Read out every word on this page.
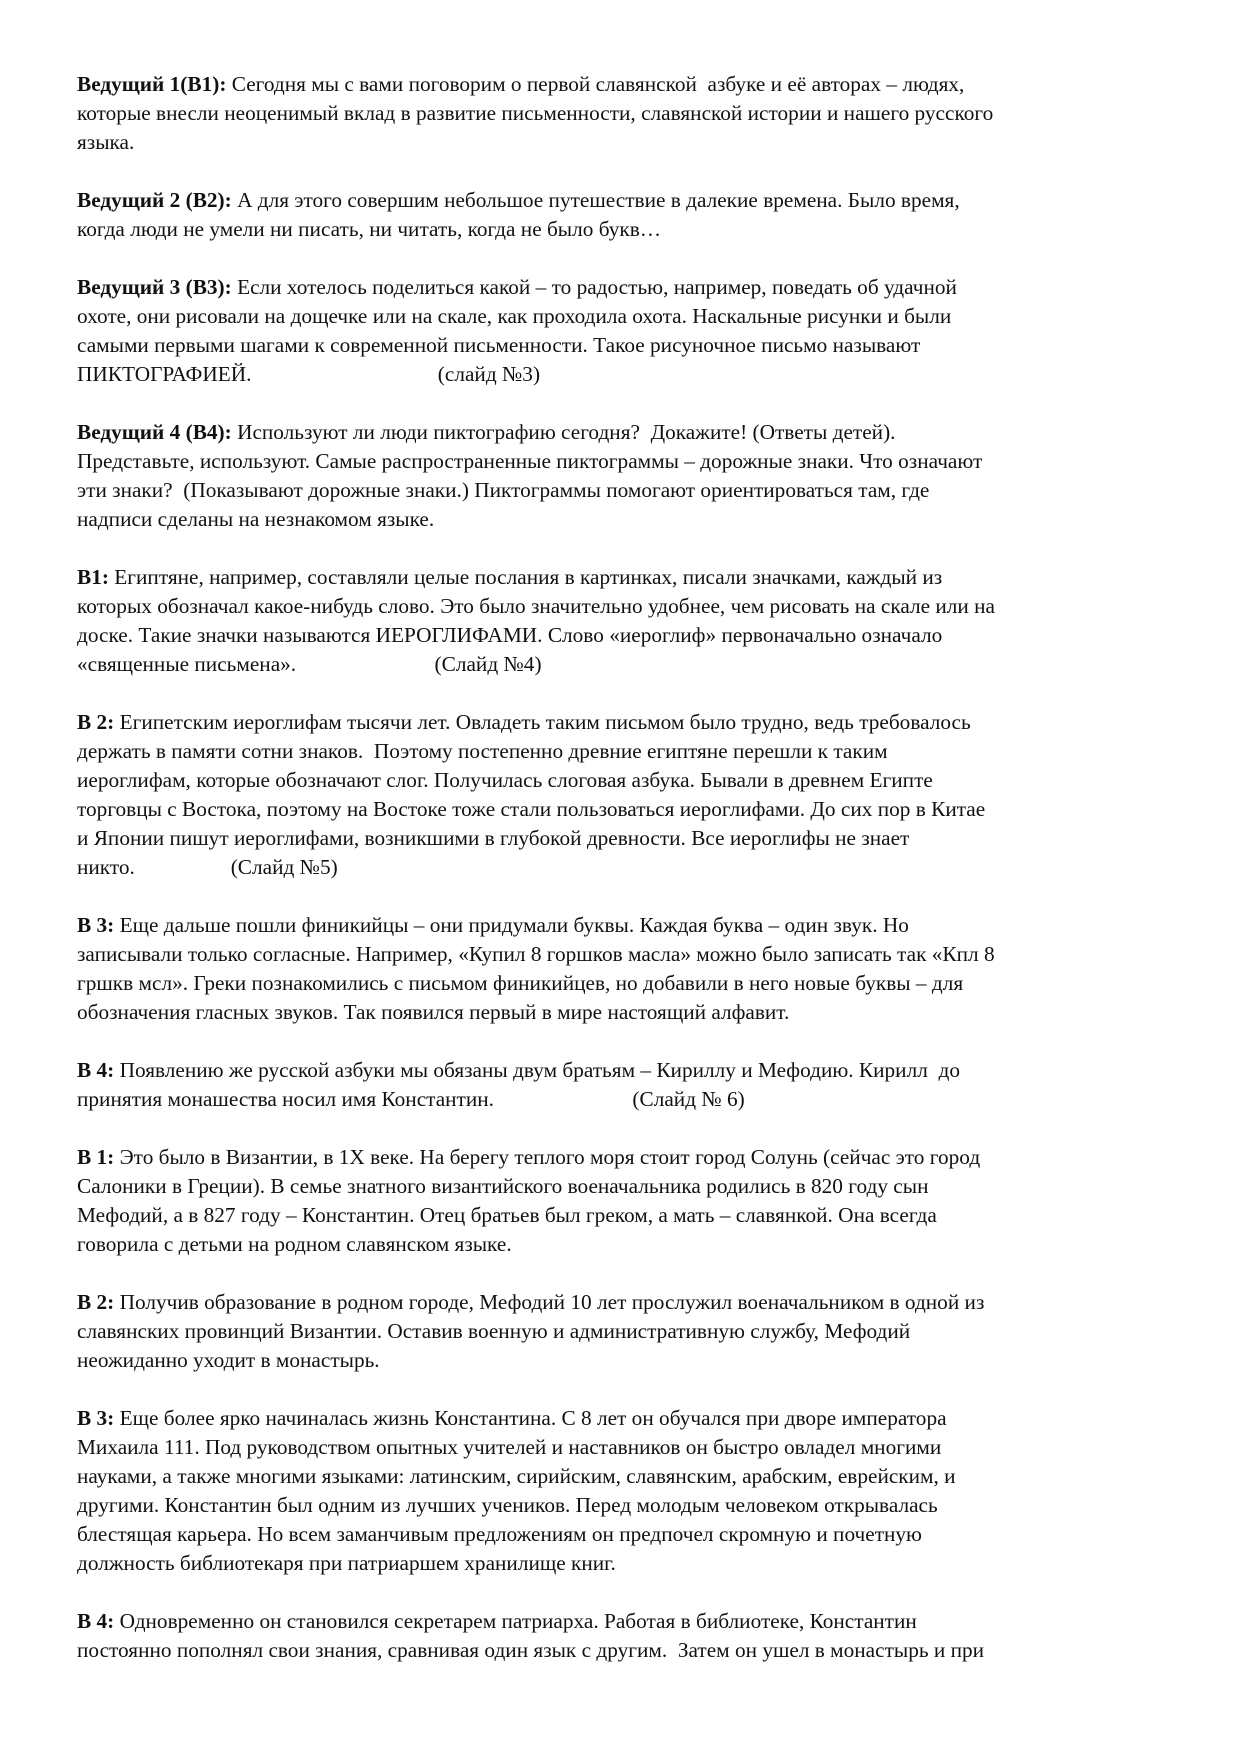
Ведущий 1(В1): Сегодня мы с вами поговорим о первой славянской  азбуке и её авторах – людях,
которые внесли неоценимый вклад в развитие письменности, славянской истории и нашего русского
языка.
Ведущий 2 (В2): А для этого совершим небольшое путешествие в далекие времена. Было время,
когда люди не умели ни писать, ни читать, когда не было букв…
Ведущий 3 (В3): Если хотелось поделиться какой – то радостью, например, поведать об удачной
охоте, они рисовали на дощечке или на скале, как проходила охота. Наскальные рисунки и были
самыми первыми шагами к современной письменности. Такое рисуночное письмо называют
ПИКТОГРАФИЕЙ.                                   (слайд №3)
Ведущий 4 (В4): Используют ли люди пиктографию сегодня?  Докажите! (Ответы детей).
Представьте, используют. Самые распространенные пиктограммы – дорожные знаки. Что означают
эти знаки?  (Показывают дорожные знаки.) Пиктограммы помогают ориентироваться там, где
надписи сделаны на незнакомом языке.
В1: Египтяне, например, составляли целые послания в картинках, писали значками, каждый из
которых обозначал какое-нибудь слово. Это было значительно удобнее, чем рисовать на скале или на
доске. Такие значки называются ИЕРОГЛИФАМИ. Слово «иероглиф» первоначально означало
«священные письмена».                          (Слайд №4)
В 2: Египетским иероглифам тысячи лет. Овладеть таким письмом было трудно, ведь требовалось
держать в памяти сотни знаков.  Поэтому постепенно древние египтяне перешли к таким
иероглифам, которые обозначают слог. Получилась слоговая азбука. Бывали в древнем Египте
торговцы с Востока, поэтому на Востоке тоже стали пользоваться иероглифами. До сих пор в Китае
и Японии пишут иероглифами, возникшими в глубокой древности. Все иероглифы не знает
никто.                  (Слайд №5)
В 3: Еще дальше пошли финикийцы – они придумали буквы. Каждая буква – один звук. Но
записывали только согласные. Например, «Купил 8 горшков масла» можно было записать так «Кпл 8
гршкв мсл». Греки познакомились с письмом финикийцев, но добавили в него новые буквы – для
обозначения гласных звуков. Так появился первый в мире настоящий алфавит.
В 4: Появлению же русской азбуки мы обязаны двум братьям – Кириллу и Мефодию. Кирилл  до
принятия монашества носил имя Константин.                          (Слайд № 6)
В 1: Это было в Византии, в 1Х веке. На берегу теплого моря стоит город Солунь (сейчас это город
Салоники в Греции). В семье знатного византийского военачальника родились в 820 году сын
Мефодий, а в 827 году – Константин. Отец братьев был греком, а мать – славянкой. Она всегда
говорила с детьми на родном славянском языке.
В 2: Получив образование в родном городе, Мефодий 10 лет прослужил военачальником в одной из
славянских провинций Византии. Оставив военную и административную службу, Мефодий
неожиданно уходит в монастырь.
В 3: Еще более ярко начиналась жизнь Константина. С 8 лет он обучался при дворе императора
Михаила 111. Под руководством опытных учителей и наставников он быстро овладел многими
науками, а также многими языками: латинским, сирийским, славянским, арабским, еврейским, и
другими. Константин был одним из лучших учеников. Перед молодым человеком открывалась
блестящая карьера. Но всем заманчивым предложениям он предпочел скромную и почетную
должность библиотекаря при патриаршем хранилище книг.
В 4: Одновременно он становился секретарем патриарха. Работая в библиотеке, Константин
постоянно пополнял свои знания, сравнивая один язык с другим.  Затем он ушел в монастырь и при
